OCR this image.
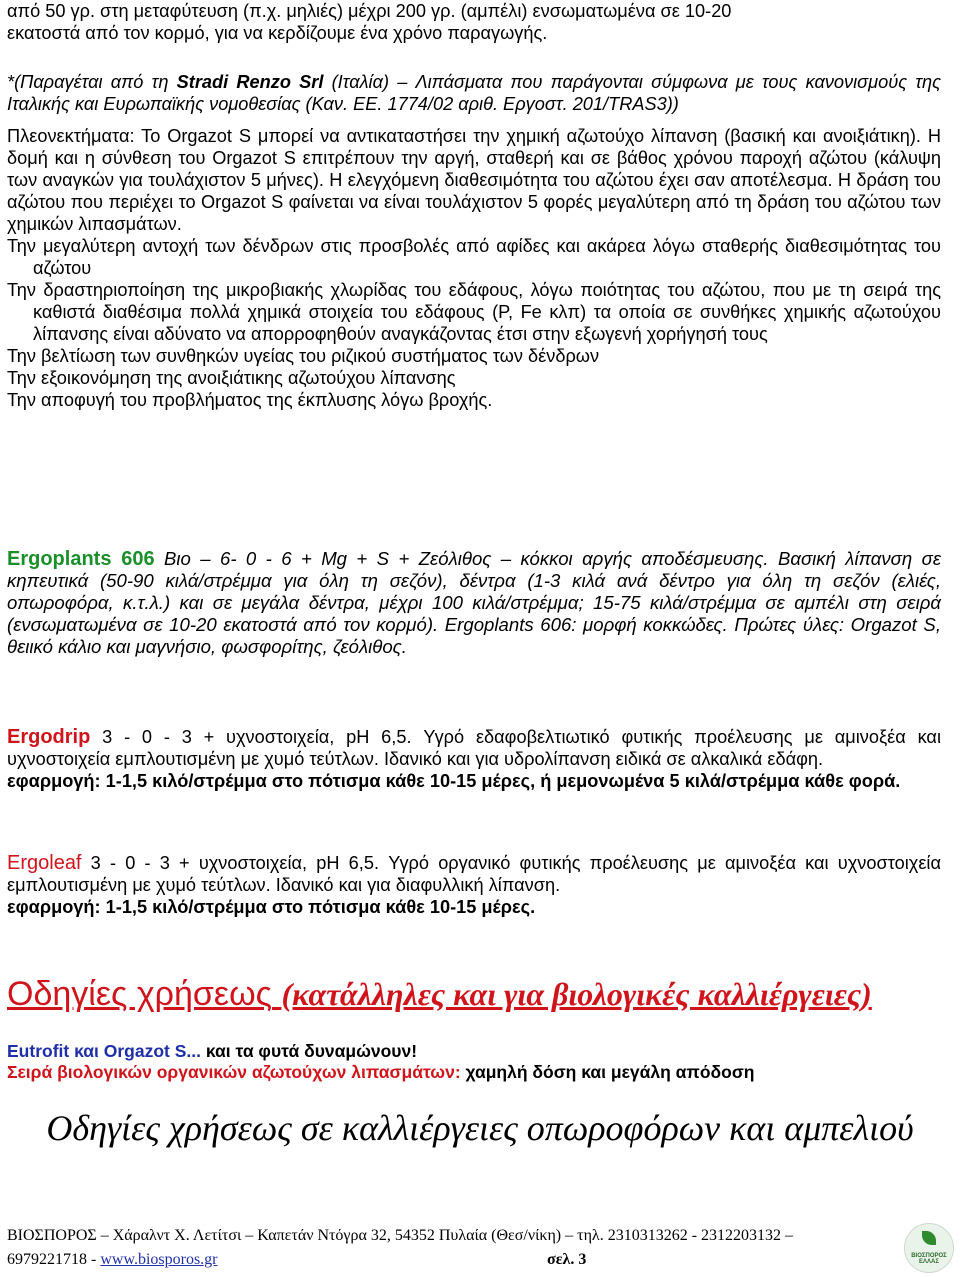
από 50 γρ. στη μεταφύτευση (π.χ. μηλιές) μέχρι 200 γρ. (αμπέλι) ενσωματωμένα σε 10-20
εκατοστά από τον κορμό, για να κερδίζουμε ένα χρόνο παραγωγής.
*(Παραγέται από τη Stradi Renzo Srl (Ιταλία) – Λιπάσματα που παράγονται σύμφωνα με τους κανονισμούς της Ιταλικής και Ευρωπαϊκής νομοθεσίας (Καν. ΕΕ. 1774/02 αριθ. Εργοστ. 201/TRAS3))
Πλεονεκτήματα: Το Orgazot S μπορεί να αντικαταστήσει την χημική αζωτούχο λίπανση (βασική και ανοιξιάτικη). Η δομή και η σύνθεση του Orgazot S επιτρέπουν την αργή, σταθερή και σε βάθος χρόνου παροχή αζώτου (κάλυψη των αναγκών για τουλάχιστον 5 μήνες). Η ελεγχόμενη διαθεσιμότητα του αζώτου έχει σαν αποτέλεσμα. Η δράση του αζώτου που περιέχει το Orgazot S φαίνεται να είναι τουλάχιστον 5 φορές μεγαλύτερη από τη δράση του αζώτου των χημικών λιπασμάτων.
Την μεγαλύτερη αντοχή των δένδρων στις προσβολές από αφίδες και ακάρεα λόγω σταθερής διαθεσιμότητας του αζώτου
Την δραστηριοποίηση της μικροβιακής χλωρίδας του εδάφους, λόγω ποιότητας του αζώτου, που με τη σειρά της καθιστά διαθέσιμα πολλά χημικά στοιχεία του εδάφους (P, Fe κλπ) τα οποία σε συνθήκες χημικής αζωτούχου λίπανσης είναι αδύνατο να απορροφηθούν αναγκάζοντας έτσι στην εξωγενή χορήγησή τους
Την βελτίωση των συνθηκών υγείας του ριζικού συστήματος των δένδρων
Την εξοικονόμηση της ανοιξιάτικης αζωτούχου λίπανσης
Την αποφυγή του προβλήματος της έκπλυσης λόγω βροχής.
Ergoplants 606 Bιο – 6- 0 - 6 + Mg + S + Ζεόλιθος – κόκκοι αργής αποδέσμευσης. Βασική λίπανση σε κηπευτικά (50-90 κιλά/στρέμμα για όλη τη σεζόν), δέντρα (1-3 κιλά ανά δέντρο για όλη τη σεζόν (ελιές, οπωροφόρα, κ.τ.λ.) και σε μεγάλα δέντρα, μέχρι 100 κιλά/στρέμμα; 15-75 κιλά/στρέμμα σε αμπέλι στη σειρά (ενσωματωμένα σε 10-20 εκατοστά από τον κορμό). Ergoplants 606: μορφή κοκκώδες. Πρώτες ύλες: Orgazot S, θειικό κάλιο και μαγνήσιο, φωσφορίτης, ζεόλιθος.
Ergodrip 3 - 0 - 3 + υχνοστοιχεία, pH 6,5. Υγρό εδαφοβελτιωτικό φυτικής προέλευσης με αμινοξέα και υχνοστοιχεία εμπλουτισμένη με χυμό τεύτλων. Ιδανικό και για υδρολίπανση ειδικά σε αλκαλικά εδάφη.
εφαρμογή: 1-1,5 κιλό/στρέμμα στο πότισμα κάθε 10-15 μέρες, ή μεμονωμένα 5 κιλά/στρέμμα κάθε φορά.
Ergoleaf 3 - 0 - 3 + υχνοστοιχεία, pH 6,5. Υγρό οργανικό φυτικής προέλευσης με αμινοξέα και υχνοστοιχεία εμπλουτισμένη με χυμό τεύτλων. Ιδανικό και για διαφυλλική λίπανση.
εφαρμογή: 1-1,5 κιλό/στρέμμα στο πότισμα κάθε 10-15 μέρες.
Οδηγίες χρήσεως (κατάλληλες και για βιολογικές καλλιέργειες)
Eutrofit και Orgazot S... και τα φυτά δυναμώνουν!
Σειρά βιολογικών οργανικών αζωτούχων λιπασμάτων: χαμηλή δόση και μεγάλη απόδοση
Οδηγίες χρήσεως σε καλλιέργειες οπωροφόρων και αμπελιού
ΒΙΟΣΠΟΡΟΣ – Χάραλντ Χ. Λετίτσι – Καπετάν Ντόγρα 32, 54352 Πυλαία (Θεσ/νίκη) – τηλ. 2310313262 - 2312203132 –
6979221718 - www.biosporos.gr	σελ. 3	ΒΙΟΣΠΟΡΟΣ ΕΛΛΑΣ
